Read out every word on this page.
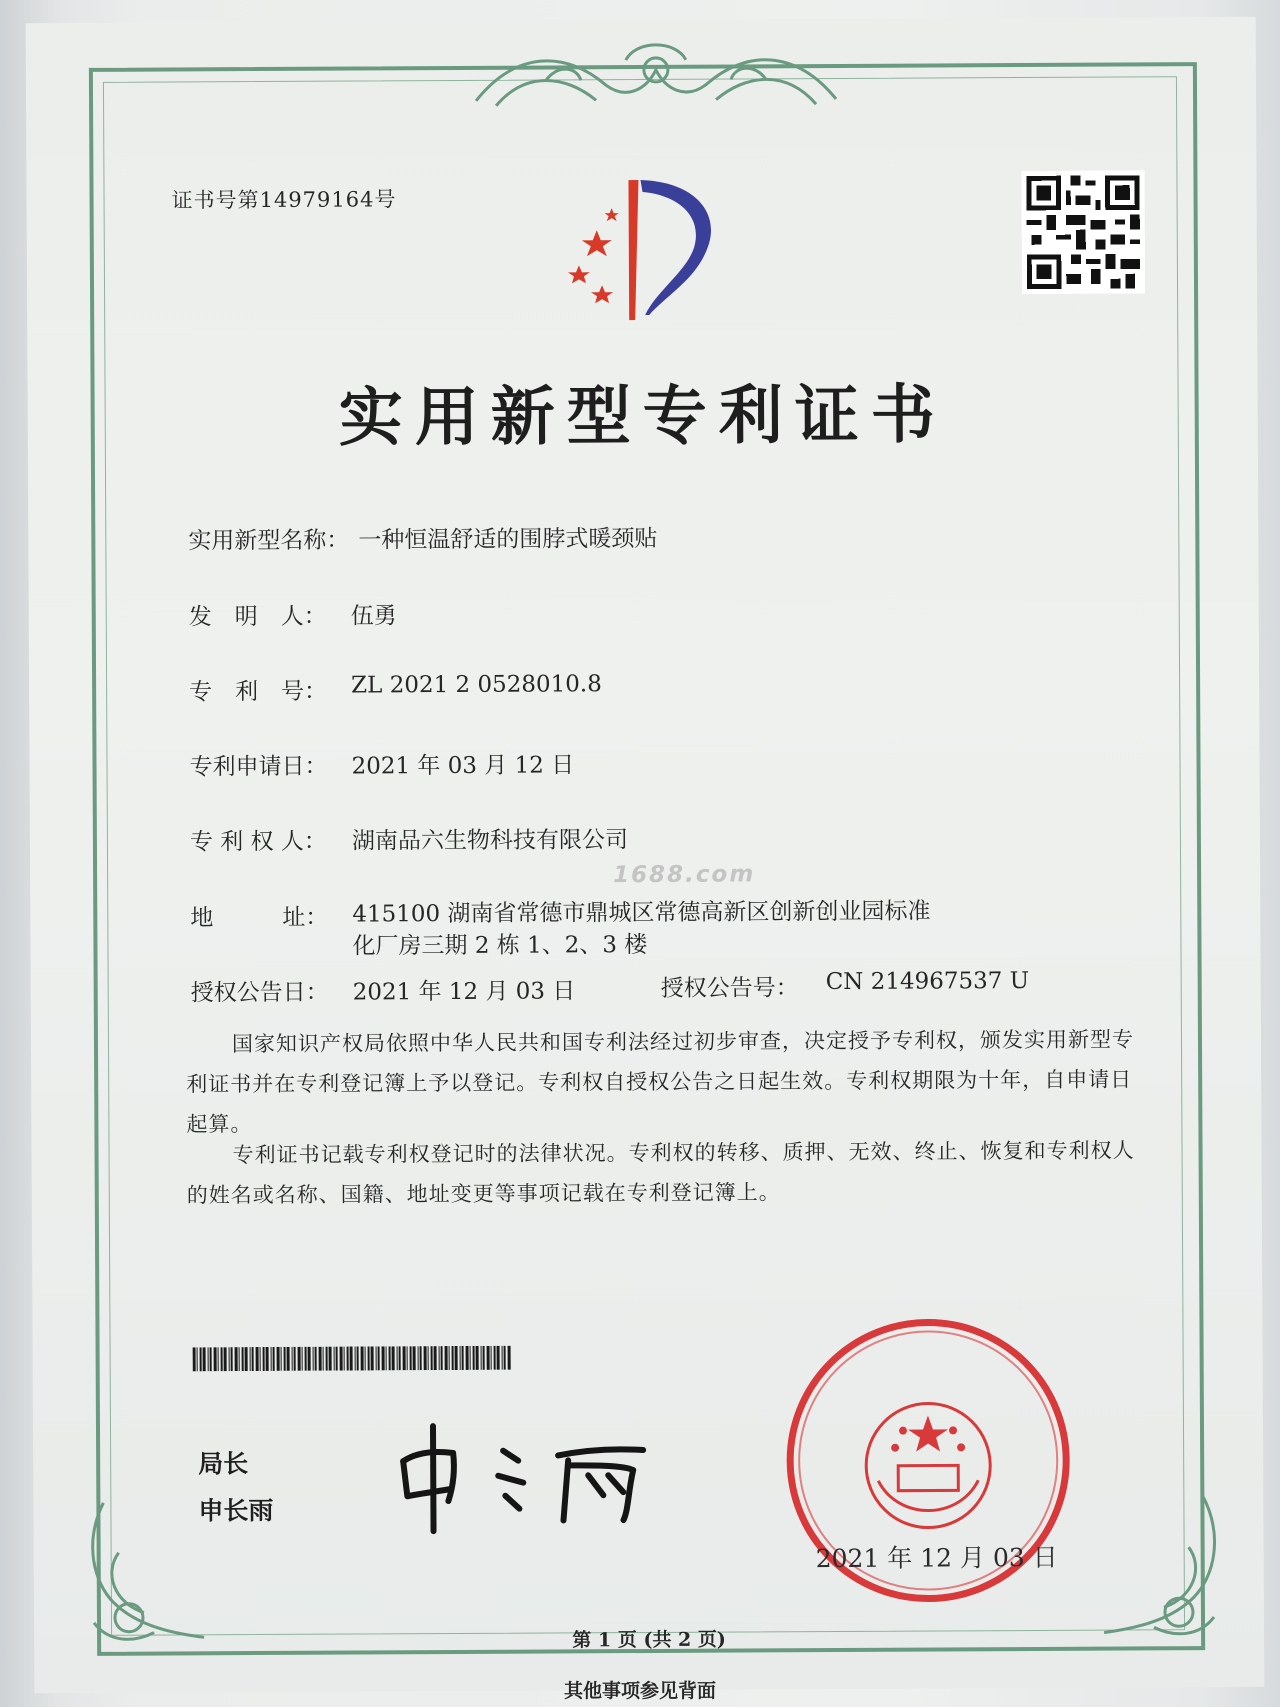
证书号第14979164号
实用新型专利证书
实用新型名称： 一种恒温舒适的围脖式暖颈贴
发　明　人： 伍勇
专　利　号： ZL 2021 2 0528010.8
专利申请日： 2021 年 03 月 12 日
专 利 权 人： 湖南品六生物科技有限公司
地　　　址： 415100 湖南省常德市鼎城区常德高新区创新创业园标准
化厂房三期 2 栋 1、2、3 楼
授权公告日： 2021 年 12 月 03 日	授权公告号： CN 214967537 U
1688.com
国家知识产权局依照中华人民共和国专利法经过初步审查，决定授予专利权，颁发实用新型专利证书并在专利登记簿上予以登记。专利权自授权公告之日起生效。专利权期限为十年，自申请日起算。
专利证书记载专利权登记时的法律状况。专利权的转移、质押、无效、终止、恢复和专利权人的姓名或名称、国籍、地址变更等事项记载在专利登记簿上。
局长
申长雨
2021 年 12 月 03 日
第 1 页 (共 2 页)
其他事项参见背面
